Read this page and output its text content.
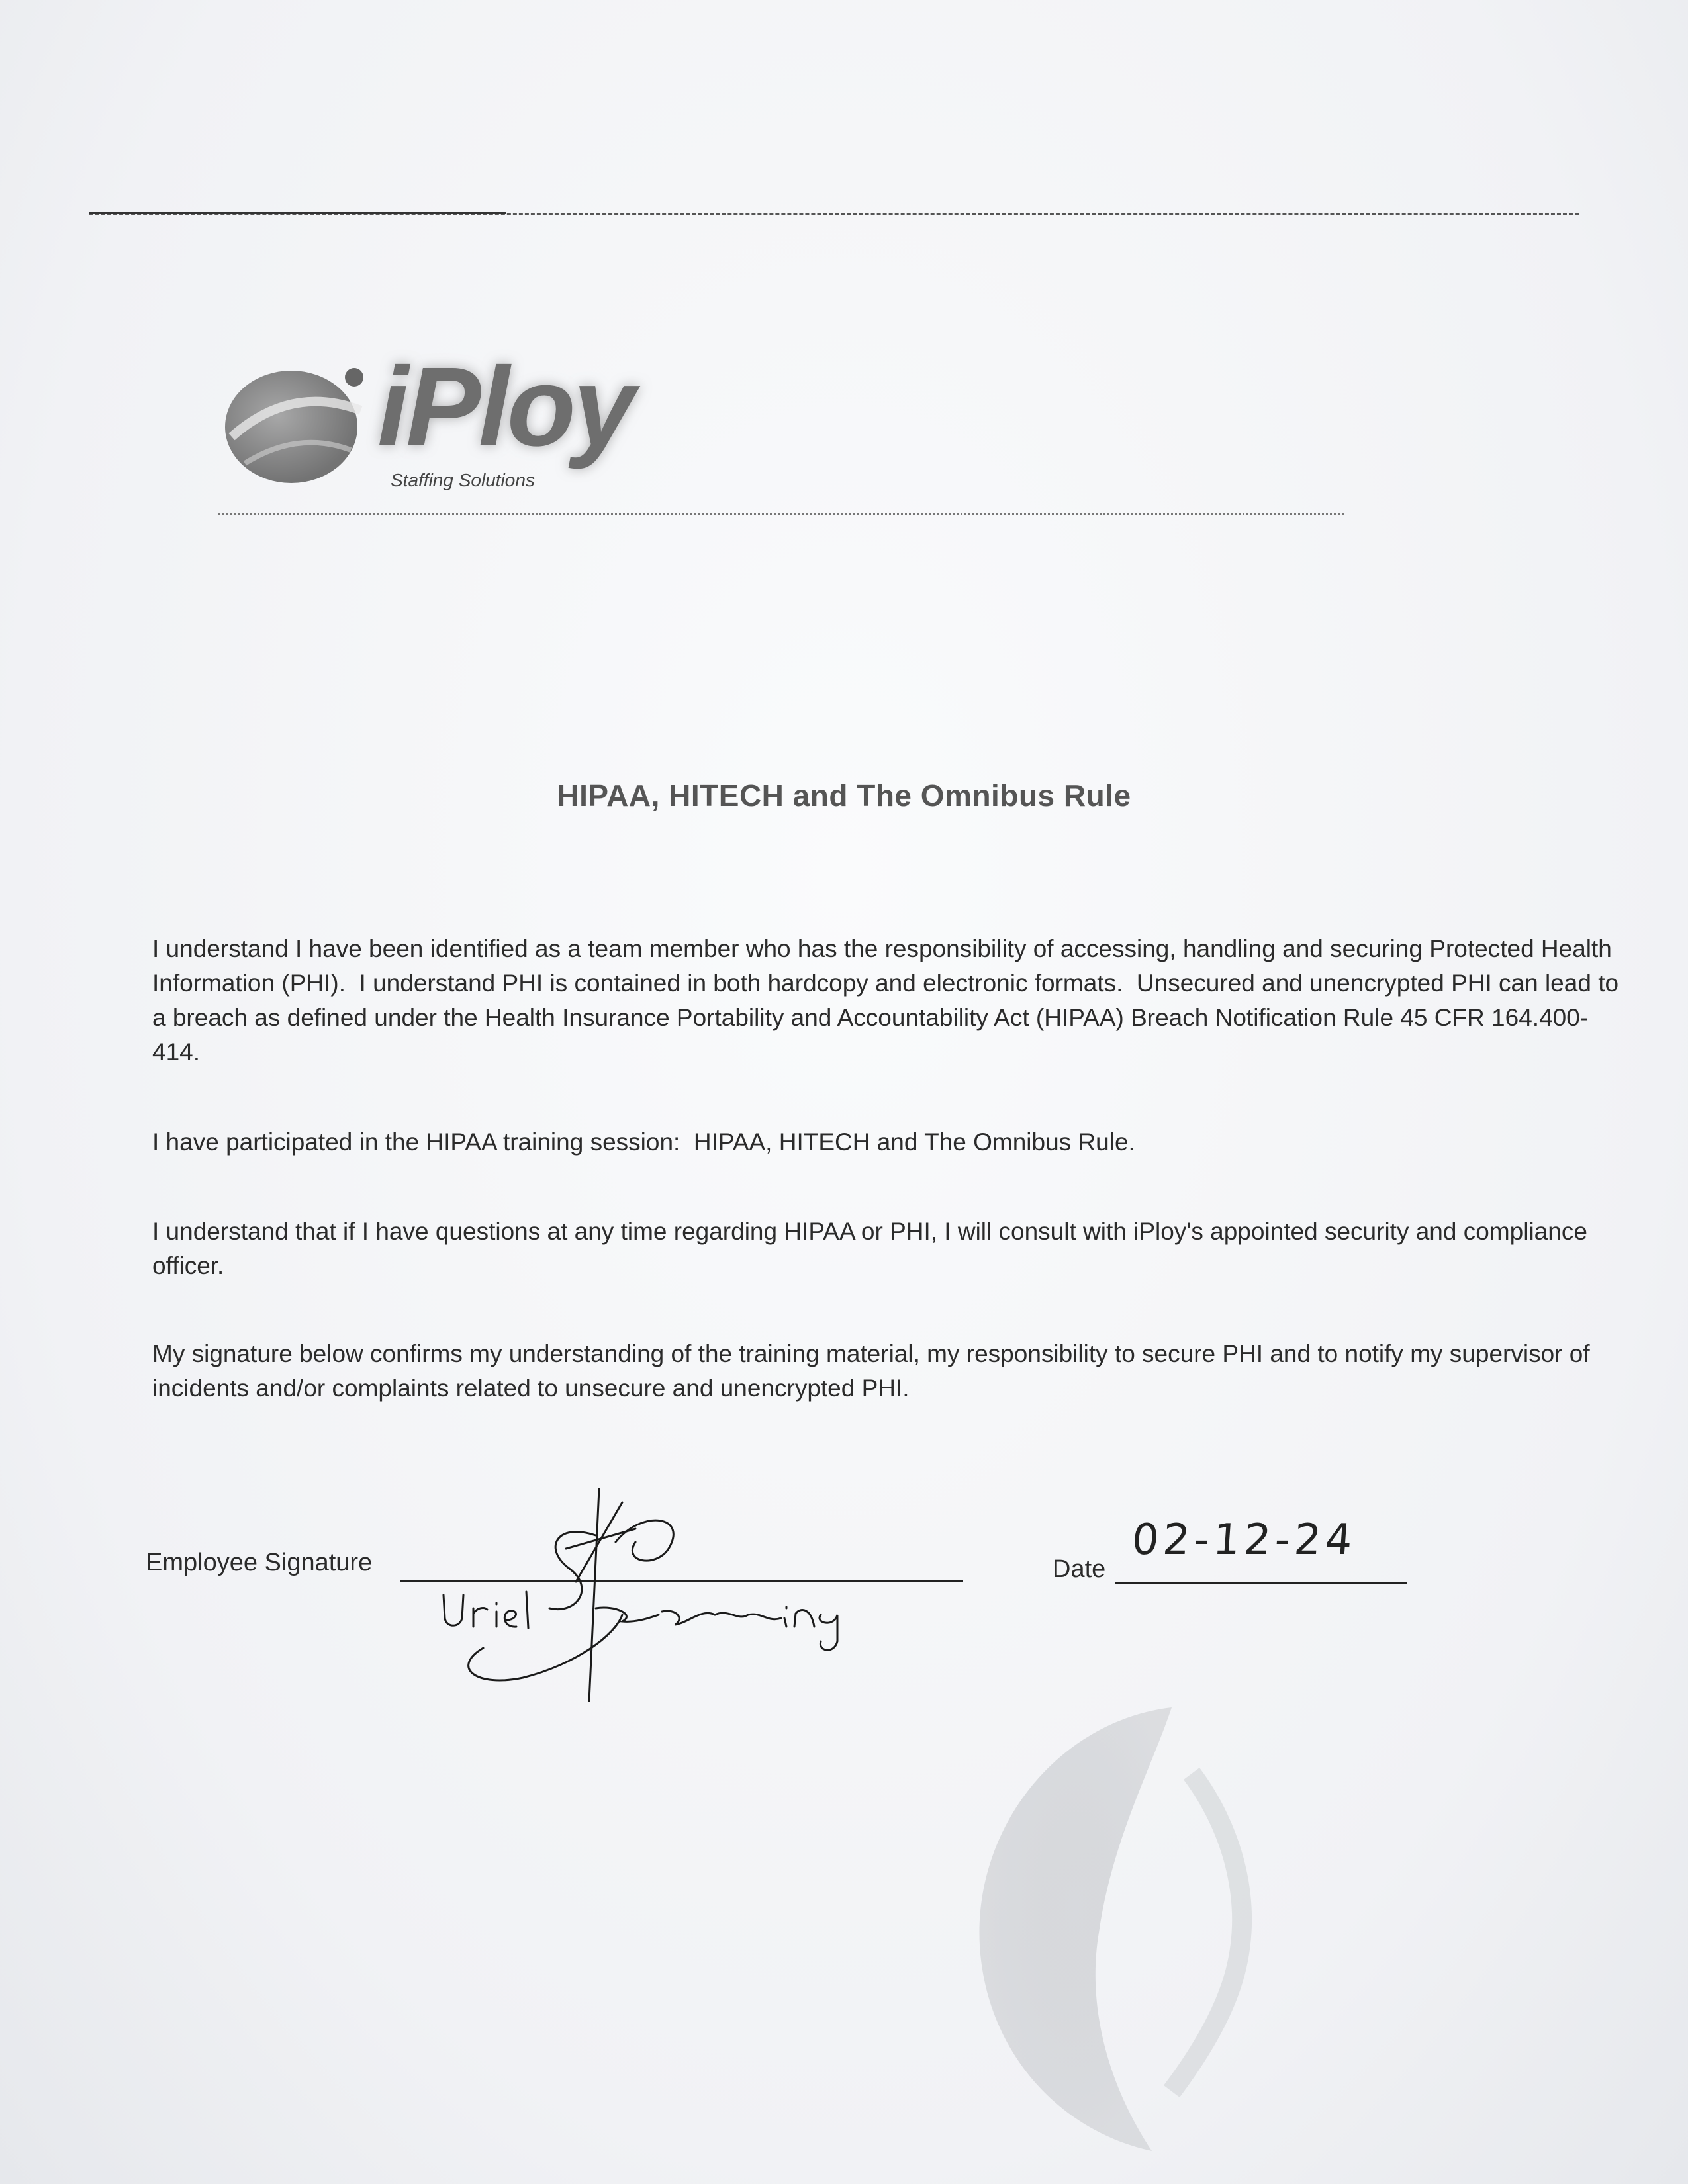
iPloy
Staffing Solutions
HIPAA, HITECH and The Omnibus Rule
I understand I have been identified as a team member who has the responsibility of accessing, handling and securing Protected Health Information (PHI).  I understand PHI is contained in both hardcopy and electronic formats.  Unsecured and unencrypted PHI can lead to a breach as defined under the Health Insurance Portability and Accountability Act (HIPAA) Breach Notification Rule 45 CFR 164.400-414.
I have participated in the HIPAA training session:  HIPAA, HITECH and The Omnibus Rule.
I understand that if I have questions at any time regarding HIPAA or PHI, I will consult with iPloy's appointed security and compliance officer.
My signature below confirms my understanding of the training material, my responsibility to secure PHI and to notify my supervisor of incidents and/or complaints related to unsecure and unencrypted PHI.
Employee Signature	Date
02-12-24
